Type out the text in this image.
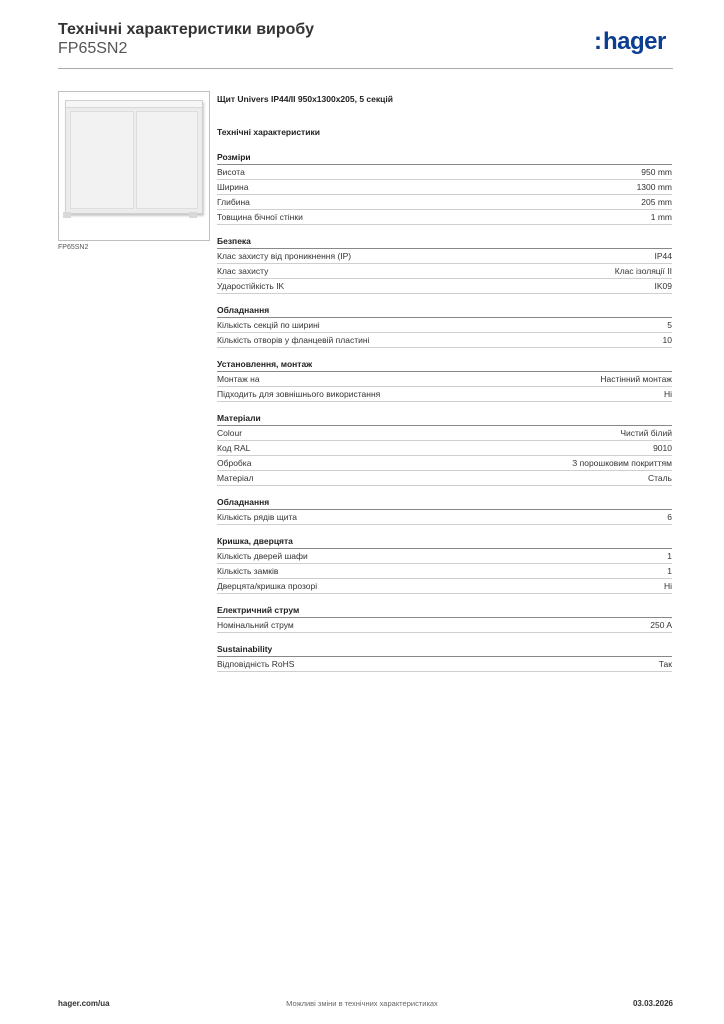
Технічні характеристики виробу
FP65SN2	:hager
FP65SN2
Щит Univers IP44/II 950x1300x205, 5 секцій
Технічні характеристики
Розміри
Висота	950 mm
Ширина	1300 mm
Глибина	205 mm
Товщина бічної стінки	1 mm
Безпека
Клас захисту від проникнення (IP)	IP44
Клас захисту	Клас ізоляції II
Ударостійкість IK	IK09
Обладнання
Кількість секцій по ширині	5
Кількість отворів у фланцевій пластині	10
Установлення, монтаж
Монтаж на	Настінний монтаж
Підходить для зовнішнього використання	Ні
Матеріали
Colour	Чистий білий
Код RAL	9010
Обробка	З порошковим покриттям
Матеріал	Сталь
Обладнання
Кількість рядів щита	6
Кришка, дверцята
Кількість дверей шафи	1
Кількість замків	1
Дверцята/кришка прозорі	Ні
Електричний струм
Номінальний струм	250 A
Sustainability
Відповідність RoHS	Так
hager.com/ua	Можливі зміни в технічних характеристиках	03.03.2026
